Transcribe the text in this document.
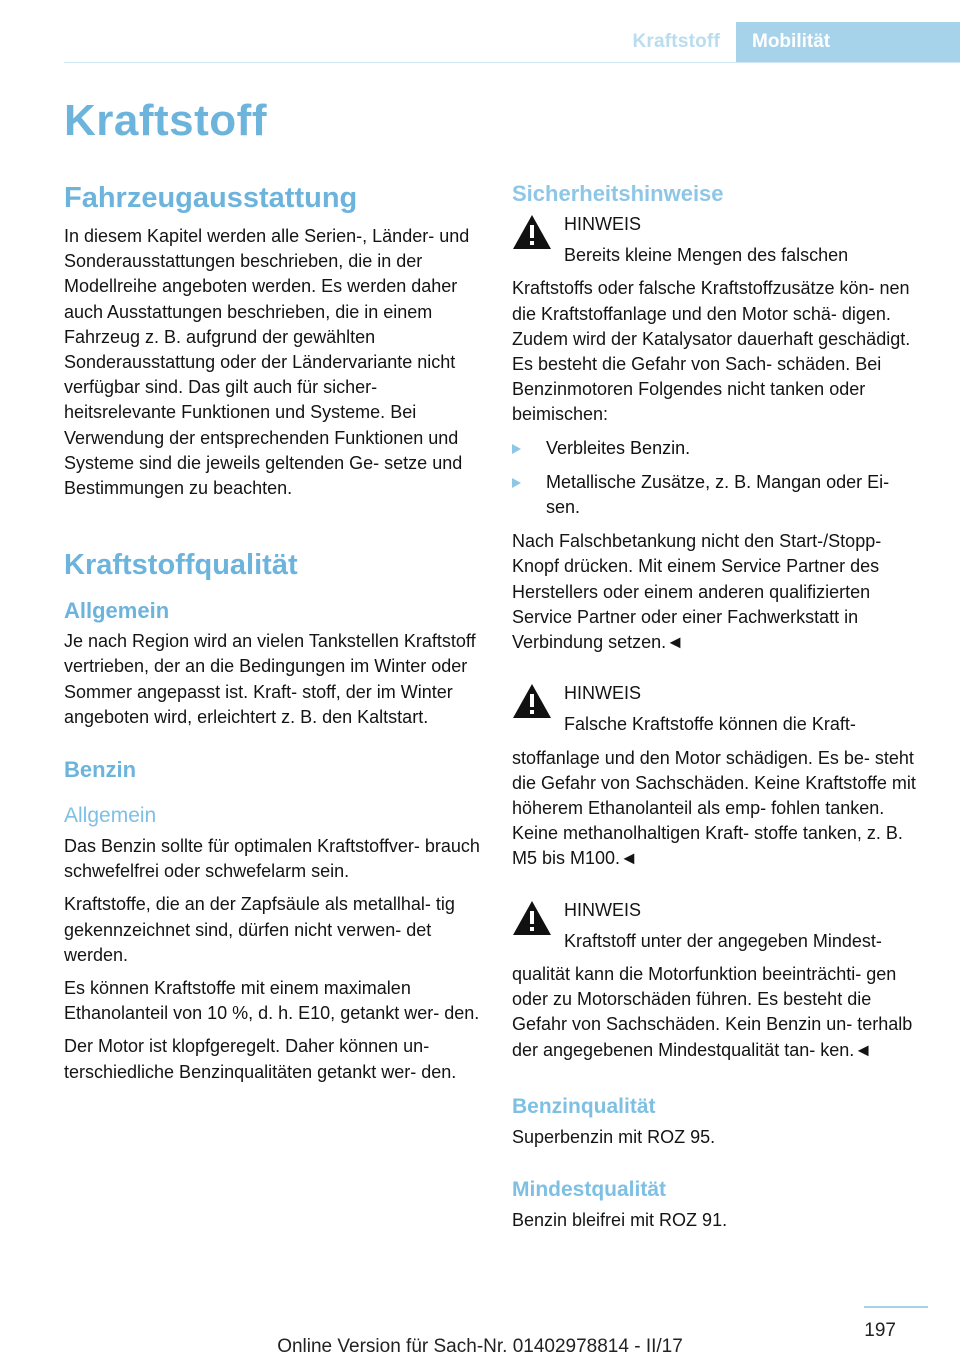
Kraftstoff	Mobilität
Kraftstoff
Fahrzeugausstattung

In diesem Kapitel werden alle Serien-, Länder- und Sonderausstattungen beschrieben, die in der Modellreihe angeboten werden. Es werden daher auch Ausstattungen beschrieben, die in einem Fahrzeug z. B. aufgrund der gewählten Sonderausstattung oder der Ländervariante nicht verfügbar sind. Das gilt auch für sicher- heitsrelevante Funktionen und Systeme. Bei Verwendung der entsprechenden Funktionen und Systeme sind die jeweils geltenden Ge- setze und Bestimmungen zu beachten.

Kraftstoffqualität
Allgemein

Je nach Region wird an vielen Tankstellen Kraftstoff vertrieben, der an die Bedingungen im Winter oder Sommer angepasst ist. Kraft- stoff, der im Winter angeboten wird, erleichtert z. B. den Kaltstart.

Benzin
Allgemein

Das Benzin sollte für optimalen Kraftstoffver- brauch schwefelfrei oder schwefelarm sein.

Kraftstoffe, die an der Zapfsäule als metallhal- tig gekennzeichnet sind, dürfen nicht verwen- det werden.

Es können Kraftstoffe mit einem maximalen Ethanolanteil von 10 %, d. h. E10, getankt wer- den.

Der Motor ist klopfgeregelt. Daher können un- terschiedliche Benzinqualitäten getankt wer- den.

Sicherheitshinweise

HINWEIS

Bereits kleine Mengen des falschen

Kraftstoffs oder falsche Kraftstoffzusätze kön- nen die Kraftstoffanlage und den Motor schä- digen. Zudem wird der Katalysator dauerhaft geschädigt. Es besteht die Gefahr von Sach- schäden. Bei Benzinmotoren Folgendes nicht tanken oder beimischen:

Verbleites Benzin.
Metallische Zusätze, z. B. Mangan oder Ei- sen.

Nach Falschbetankung nicht den Start-/Stopp- Knopf drücken. Mit einem Service Partner des Herstellers oder einem anderen qualifizierten Service Partner oder einer Fachwerkstatt in Verbindung setzen.◄

HINWEIS

Falsche Kraftstoffe können die Kraft-

stoffanlage und den Motor schädigen. Es be- steht die Gefahr von Sachschäden. Keine Kraftstoffe mit höherem Ethanolanteil als emp- fohlen tanken. Keine methanolhaltigen Kraft- stoffe tanken, z. B. M5 bis M100.◄

HINWEIS

Kraftstoff unter der angegeben Mindest-

qualität kann die Motorfunktion beeinträchti- gen oder zu Motorschäden führen. Es besteht die Gefahr von Sachschäden. Kein Benzin un- terhalb der angegebenen Mindestqualität tan- ken.◄

Benzinqualität

Superbenzin mit ROZ 95.

Mindestqualität

Benzin bleifrei mit ROZ 91.

197
Online Version für Sach-Nr. 01402978814 - II/17
